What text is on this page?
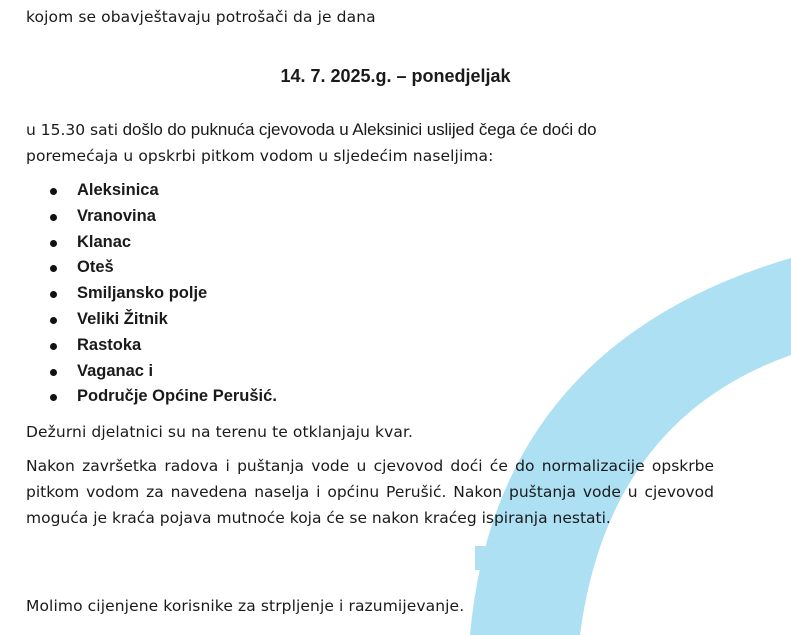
kojom se obavještavaju potrošači da je dana
14. 7. 2025.g. – ponedjeljak
u 15.30 sati došlo do puknuća cjevovoda u Aleksinici uslijed čega će doći do
poremećaja u opskrbi pitkom vodom u sljedećim naseljima:
Aleksinica
Vranovina
Klanac
Oteš
Smiljansko polje
Veliki Žitnik
Rastoka
Vaganac i
Područje Općine Perušić.
Dežurni djelatnici su na terenu te otklanjaju kvar.
Nakon završetka radova i puštanja vode u cjevovod doći će do normalizacije opskrbe pitkom vodom za navedena naselja i općinu Perušić. Nakon puštanja vode u cjevovod moguća je kraća pojava mutnoće koja će se nakon kraćeg ispiranja nestati.
Molimo cijenjene korisnike za strpljenje i razumijevanje.
